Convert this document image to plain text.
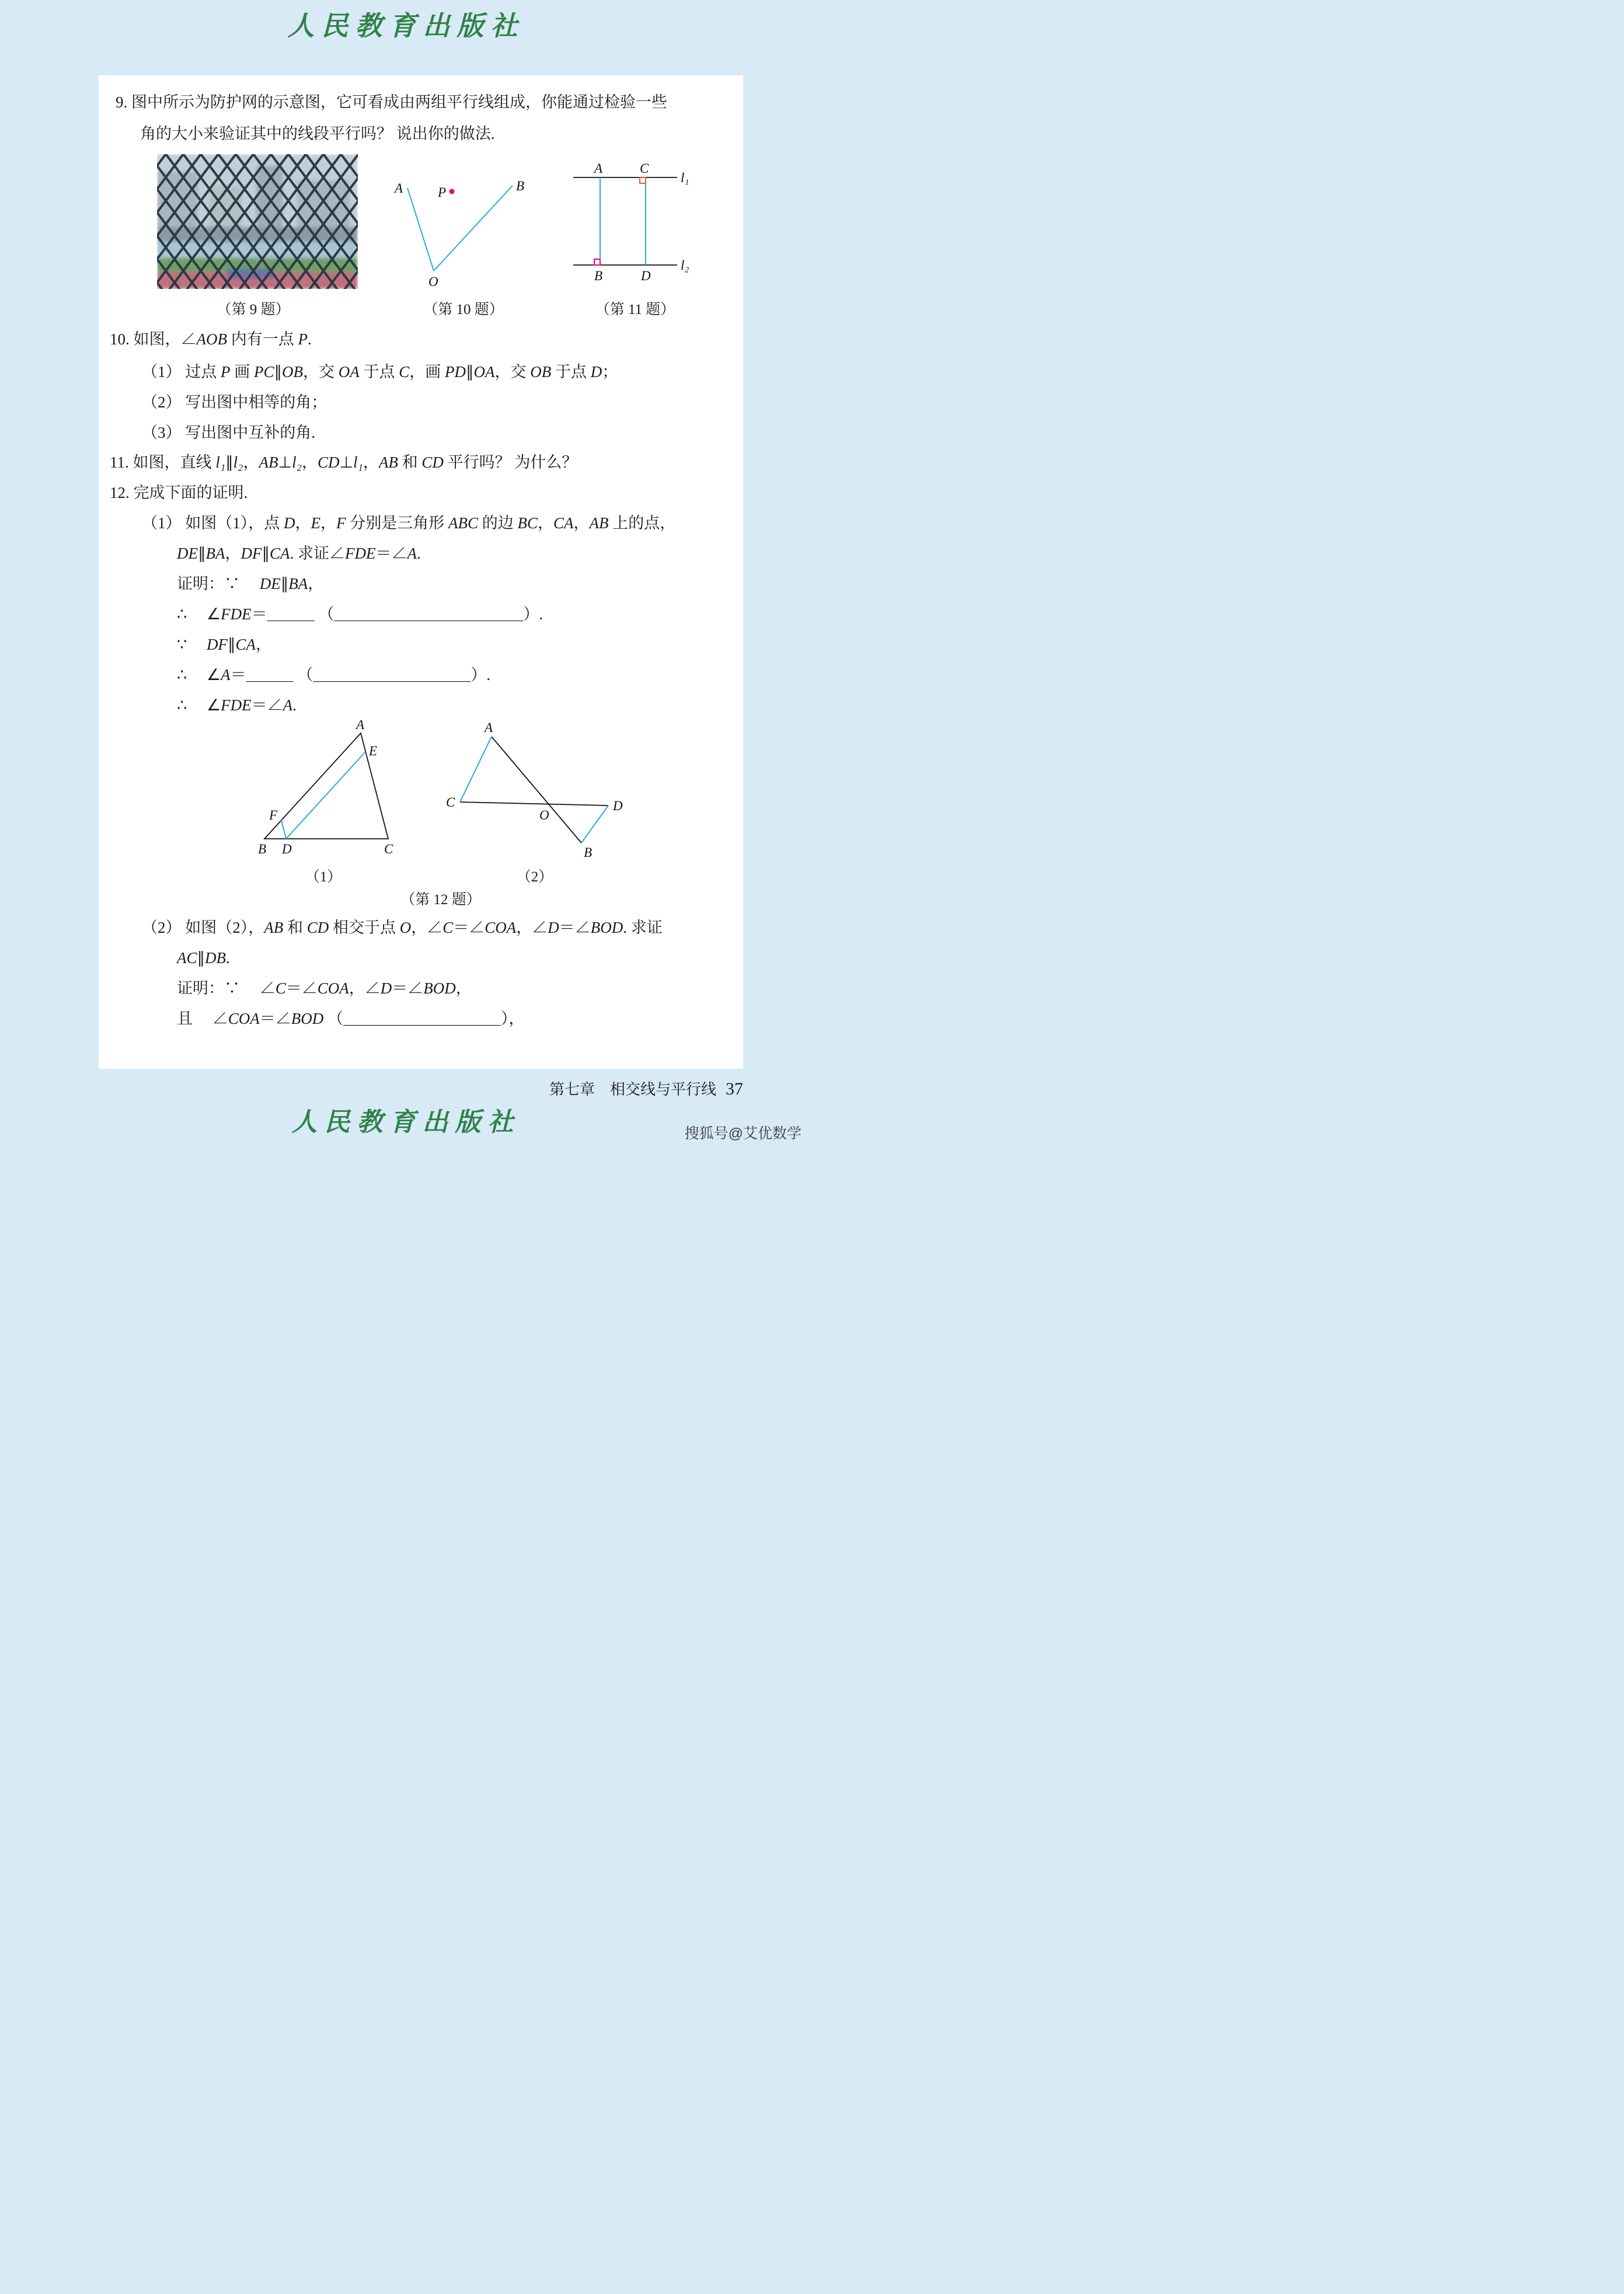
人民教育出版社
9. 图中所示为防护网的示意图，它可看成由两组平行线组成，你能通过检验一些
角的大小来验证其中的线段平行吗？ 说出你的做法.
A	B
O
P
A	C
l₁
B	D
l₂
（第 9 题）	（第 10 题）	（第 11 题）
10. 如图，∠AOB 内有一点 P.
（1） 过点 P 画 PC∥OB，交 OA 于点 C，画 PD∥OA，交 OB 于点 D；
（2） 写出图中相等的角；
（3） 写出图中互补的角.
11. 如图，直线 l₁∥l₂，AB⊥l₂，CD⊥l₁，AB 和 CD 平行吗？ 为什么？
12. 完成下面的证明.
（1） 如图（1），点 D，E，F 分别是三角形 ABC 的边 BC，CA，AB 上的点，
DE∥BA，DF∥CA. 求证∠FDE＝∠A.
证明：∵　 DE∥BA，
∴　 ∠FDE＝＿＿＿ （＿＿＿＿＿＿＿＿＿＿＿＿）.
∵　 DF∥CA，
∴　 ∠A＝＿＿＿ （＿＿＿＿＿＿＿＿＿＿）.
∴　 ∠FDE＝∠A.
A
E
F
B D	C
A
C
O
D
B
（1）	（2）
（第 12 题）
（2） 如图（2），AB 和 CD 相交于点 O，∠C＝∠COA，∠D＝∠BOD. 求证
AC∥DB.
证明：∵　 ∠C＝∠COA，∠D＝∠BOD，
且　 ∠COA＝∠BOD （＿＿＿＿＿＿＿＿＿＿），
第七章　相交线与平行线 37
人民教育出版社	搜狐号@艾优数学
